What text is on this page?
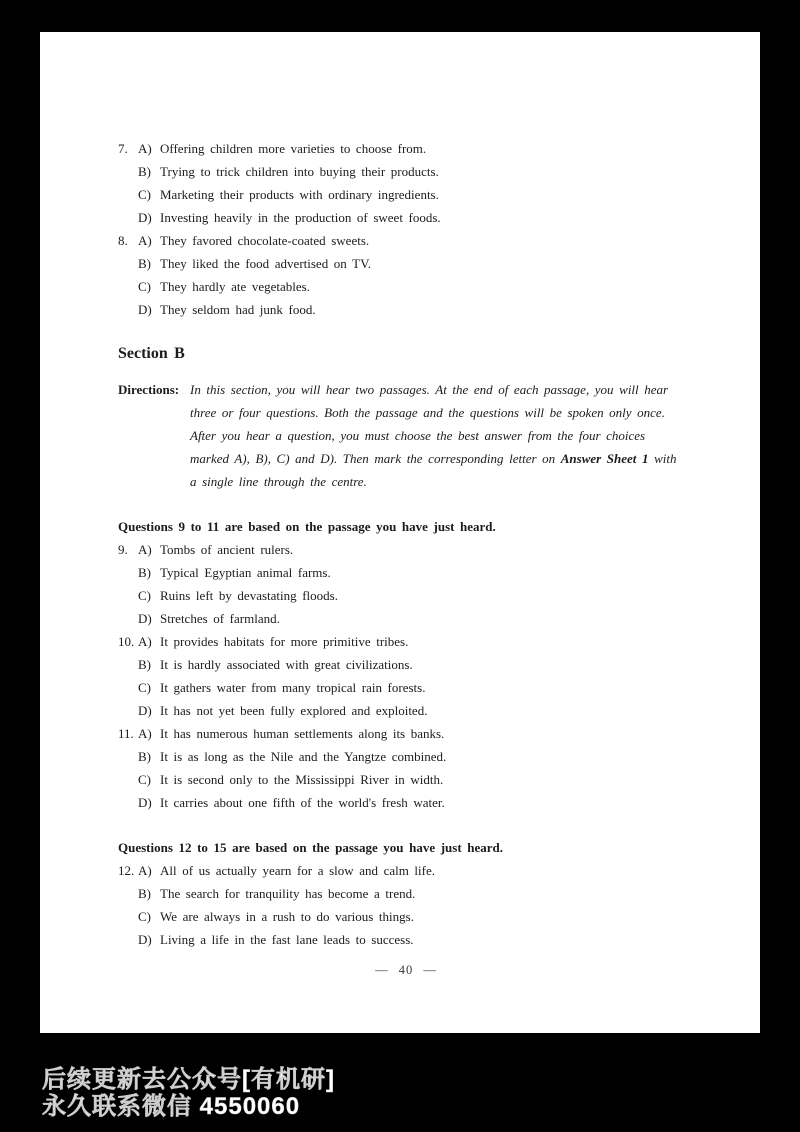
7. A) Offering children more varieties to choose from.
B) Trying to trick children into buying their products.
C) Marketing their products with ordinary ingredients.
D) Investing heavily in the production of sweet foods.
8. A) They favored chocolate-coated sweets.
B) They liked the food advertised on TV.
C) They hardly ate vegetables.
D) They seldom had junk food.
Section B
Directions: In this section, you will hear two passages. At the end of each passage, you will hear three or four questions. Both the passage and the questions will be spoken only once. After you hear a question, you must choose the best answer from the four choices marked A), B), C) and D). Then mark the corresponding letter on Answer Sheet 1 with a single line through the centre.
Questions 9 to 11 are based on the passage you have just heard.
9. A) Tombs of ancient rulers.
B) Typical Egyptian animal farms.
C) Ruins left by devastating floods.
D) Stretches of farmland.
10. A) It provides habitats for more primitive tribes.
B) It is hardly associated with great civilizations.
C) It gathers water from many tropical rain forests.
D) It has not yet been fully explored and exploited.
11. A) It has numerous human settlements along its banks.
B) It is as long as the Nile and the Yangtze combined.
C) It is second only to the Mississippi River in width.
D) It carries about one fifth of the world's fresh water.
Questions 12 to 15 are based on the passage you have just heard.
12. A) All of us actually yearn for a slow and calm life.
B) The search for tranquility has become a trend.
C) We are always in a rush to do various things.
D) Living a life in the fast lane leads to success.
— 40 —
后续更新去公众号[有机研]
永久联系微信 4550060
